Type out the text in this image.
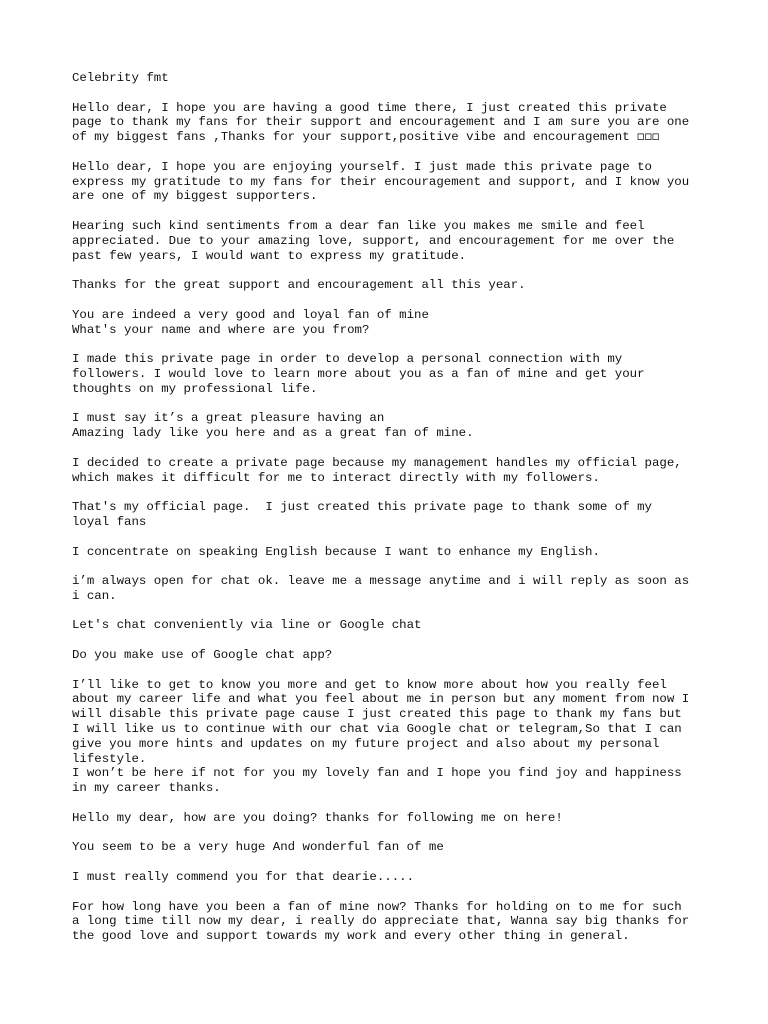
Celebrity fmt
Hello dear, I hope you are having a good time there, I just created this private
page to thank my fans for their support and encouragement and I am sure you are one
of my biggest fans ,Thanks for your support,positive vibe and encouragement ◻◻◻
Hello dear, I hope you are enjoying yourself. I just made this private page to
express my gratitude to my fans for their encouragement and support, and I know you
are one of my biggest supporters.
Hearing such kind sentiments from a dear fan like you makes me smile and feel
appreciated. Due to your amazing love, support, and encouragement for me over the
past few years, I would want to express my gratitude.
Thanks for the great support and encouragement all this year.
You are indeed a very good and loyal fan of mine
What's your name and where are you from?
I made this private page in order to develop a personal connection with my
followers. I would love to learn more about you as a fan of mine and get your
thoughts on my professional life.
I must say it’s a great pleasure having an
Amazing lady like you here and as a great fan of mine.
I decided to create a private page because my management handles my official page,
which makes it difficult for me to interact directly with my followers.
That's my official page.  I just created this private page to thank some of my
loyal fans
I concentrate on speaking English because I want to enhance my English.
i’m always open for chat ok. leave me a message anytime and i will reply as soon as
i can.
Let's chat conveniently via line or Google chat
Do you make use of Google chat app?
I’ll like to get to know you more and get to know more about how you really feel
about my career life and what you feel about me in person but any moment from now I
will disable this private page cause I just created this page to thank my fans but
I will like us to continue with our chat via Google chat or telegram,So that I can
give you more hints and updates on my future project and also about my personal
lifestyle.
I won’t be here if not for you my lovely fan and I hope you find joy and happiness
in my career thanks.
Hello my dear, how are you doing? thanks for following me on here!
You seem to be a very huge And wonderful fan of me
I must really commend you for that dearie.....
For how long have you been a fan of mine now? Thanks for holding on to me for such
a long time till now my dear, i really do appreciate that, Wanna say big thanks for
the good love and support towards my work and every other thing in general.
